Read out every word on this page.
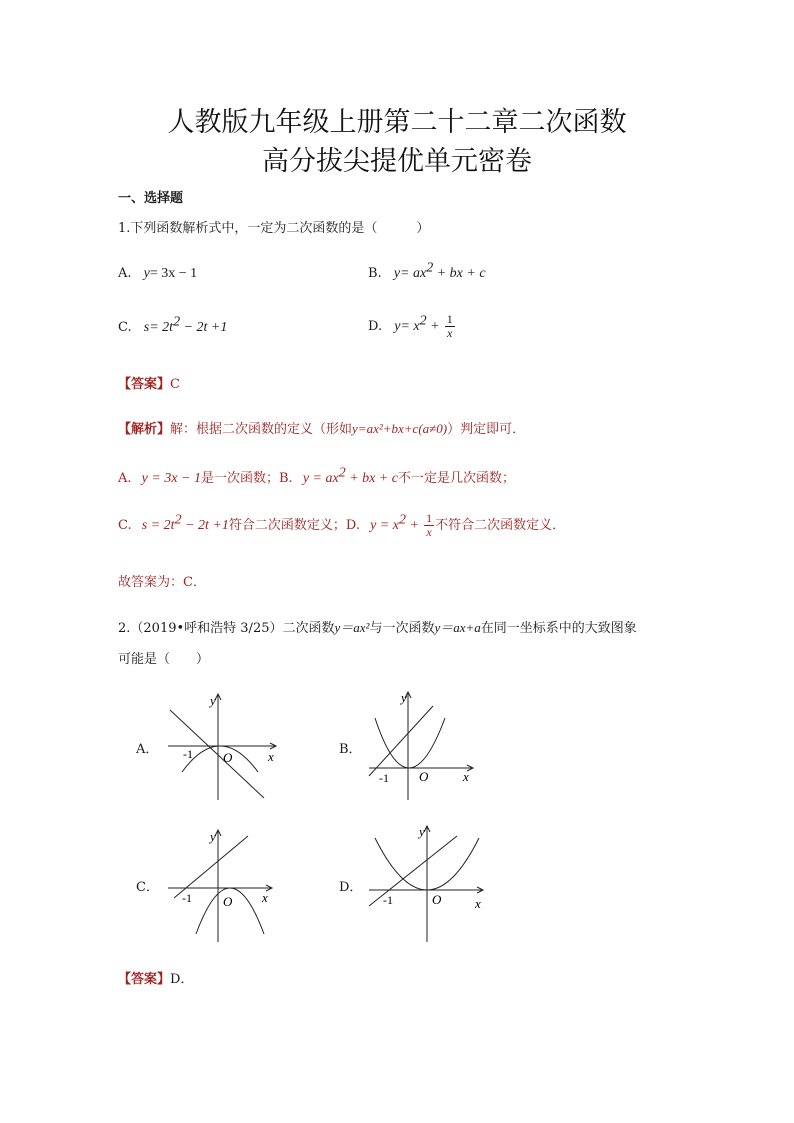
人教版九年级上册第二十二章二次函数
高分拔尖提优单元密卷
一、选择题
1.下列函数解析式中，一定为二次函数的是（　　　）
A. y= 3x − 1	B. $y= ax^2$ + bx + c
C. $s= 2t^2 - 2t +1$	D. $y= x^2 + \frac{1}{x}$
【答案】C
【解析】解：根据二次函数的定义（形如y=ax²+bx+c(a≠0)）判定即可．
A. y = 3x − 1是一次函数；B. $y = ax^2$ + bx + c不一定是几次函数；
C. $s = 2t^2 - 2t +1$符合二次函数定义；D. $y = x^2 + \frac{1}{x}$ 不符合二次函数定义．
故答案为：C．
2.（2019•呼和浩特 3/25）二次函数y＝ax²与一次函数y＝ax+a在同一坐标系中的大致图象
可能是（　　）
A．	B．
C．	D．
y
x
O
-1
y
x
O
-1
y
x
O
-1
y
x
O
-1
【答案】D．
